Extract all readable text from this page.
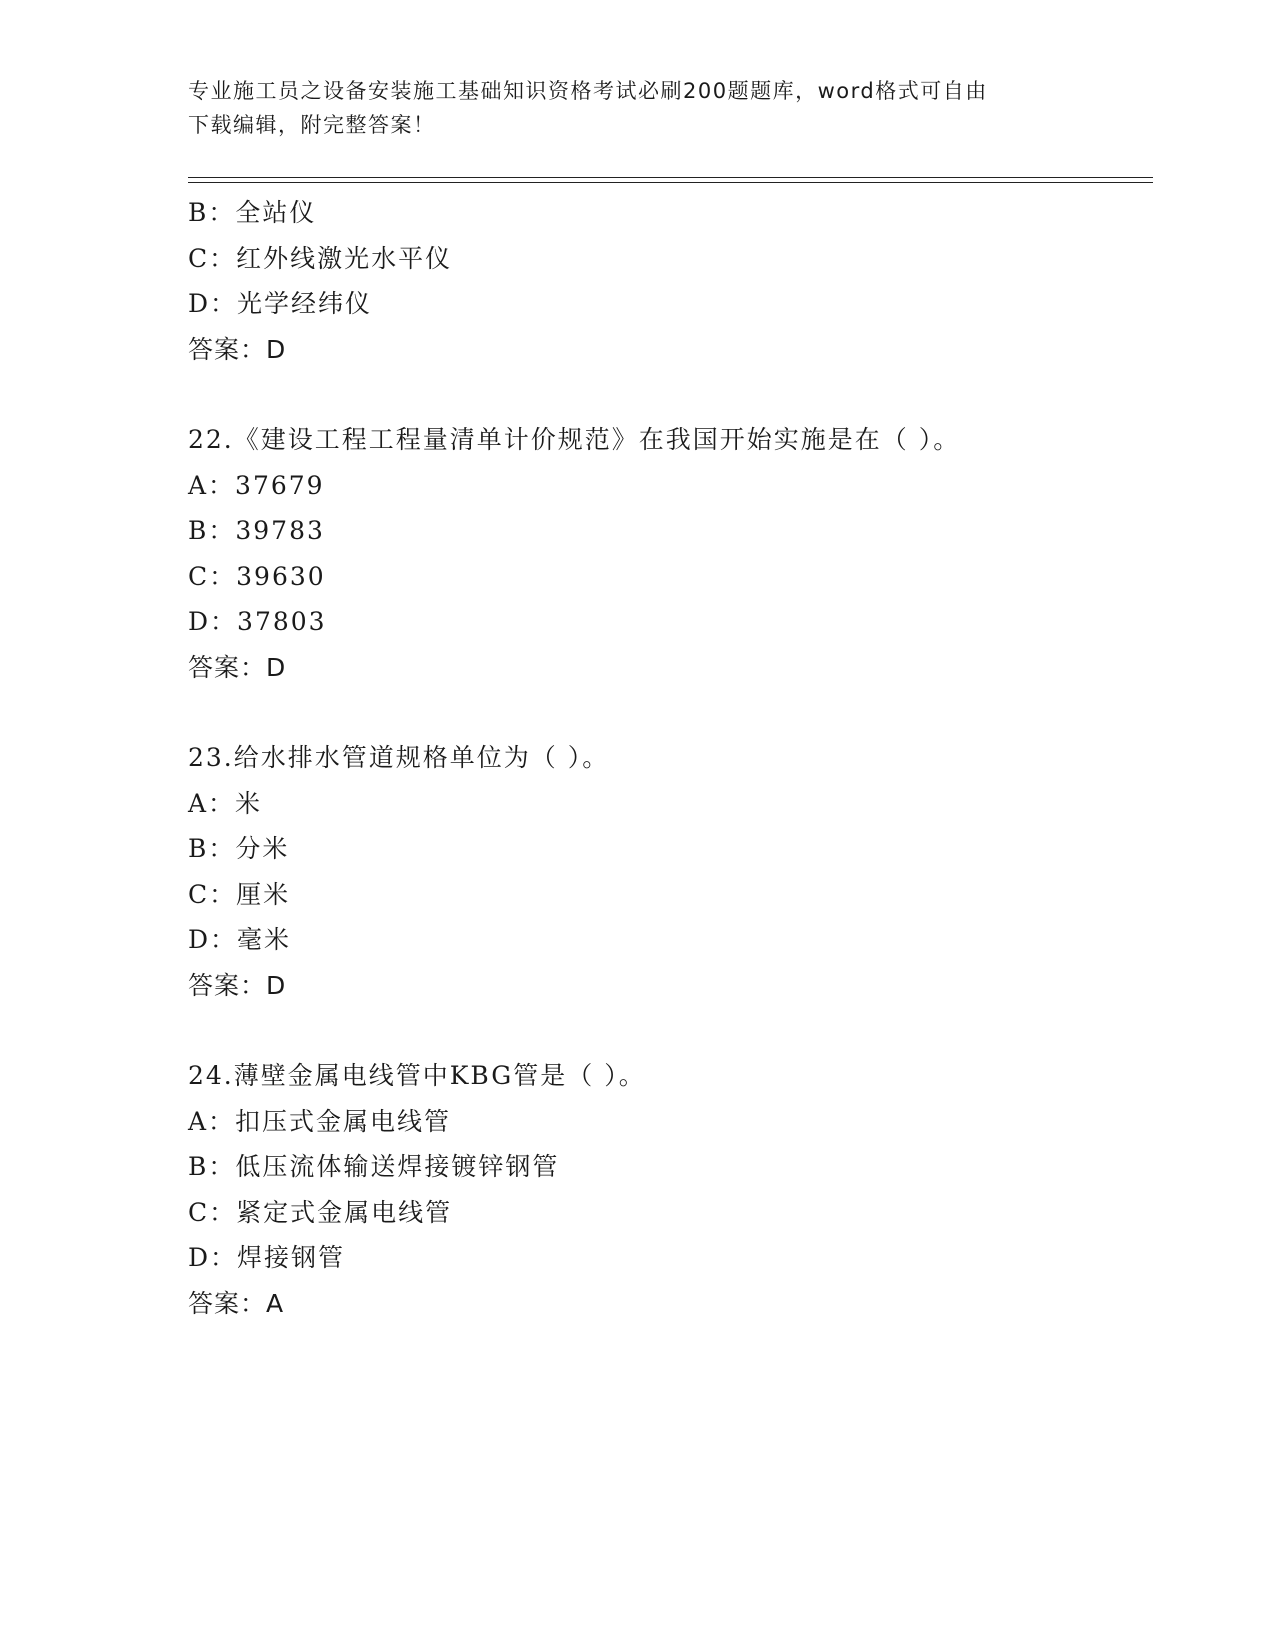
专业施工员之设备安装施工基础知识资格考试必刷200题题库，word格式可自由
下载编辑，附完整答案！
B：全站仪
C：红外线激光水平仪
D：光学经纬仪
答案：D
22.《建设工程工程量清单计价规范》在我国开始实施是在（ ）。
A：37679
B：39783
C：39630
D：37803
答案：D
23.给水排水管道规格单位为（ ）。
A：米
B：分米
C：厘米
D：毫米
答案：D
24.薄壁金属电线管中KBG管是（ ）。
A：扣压式金属电线管
B：低压流体输送焊接镀锌钢管
C：紧定式金属电线管
D：焊接钢管
答案：A
